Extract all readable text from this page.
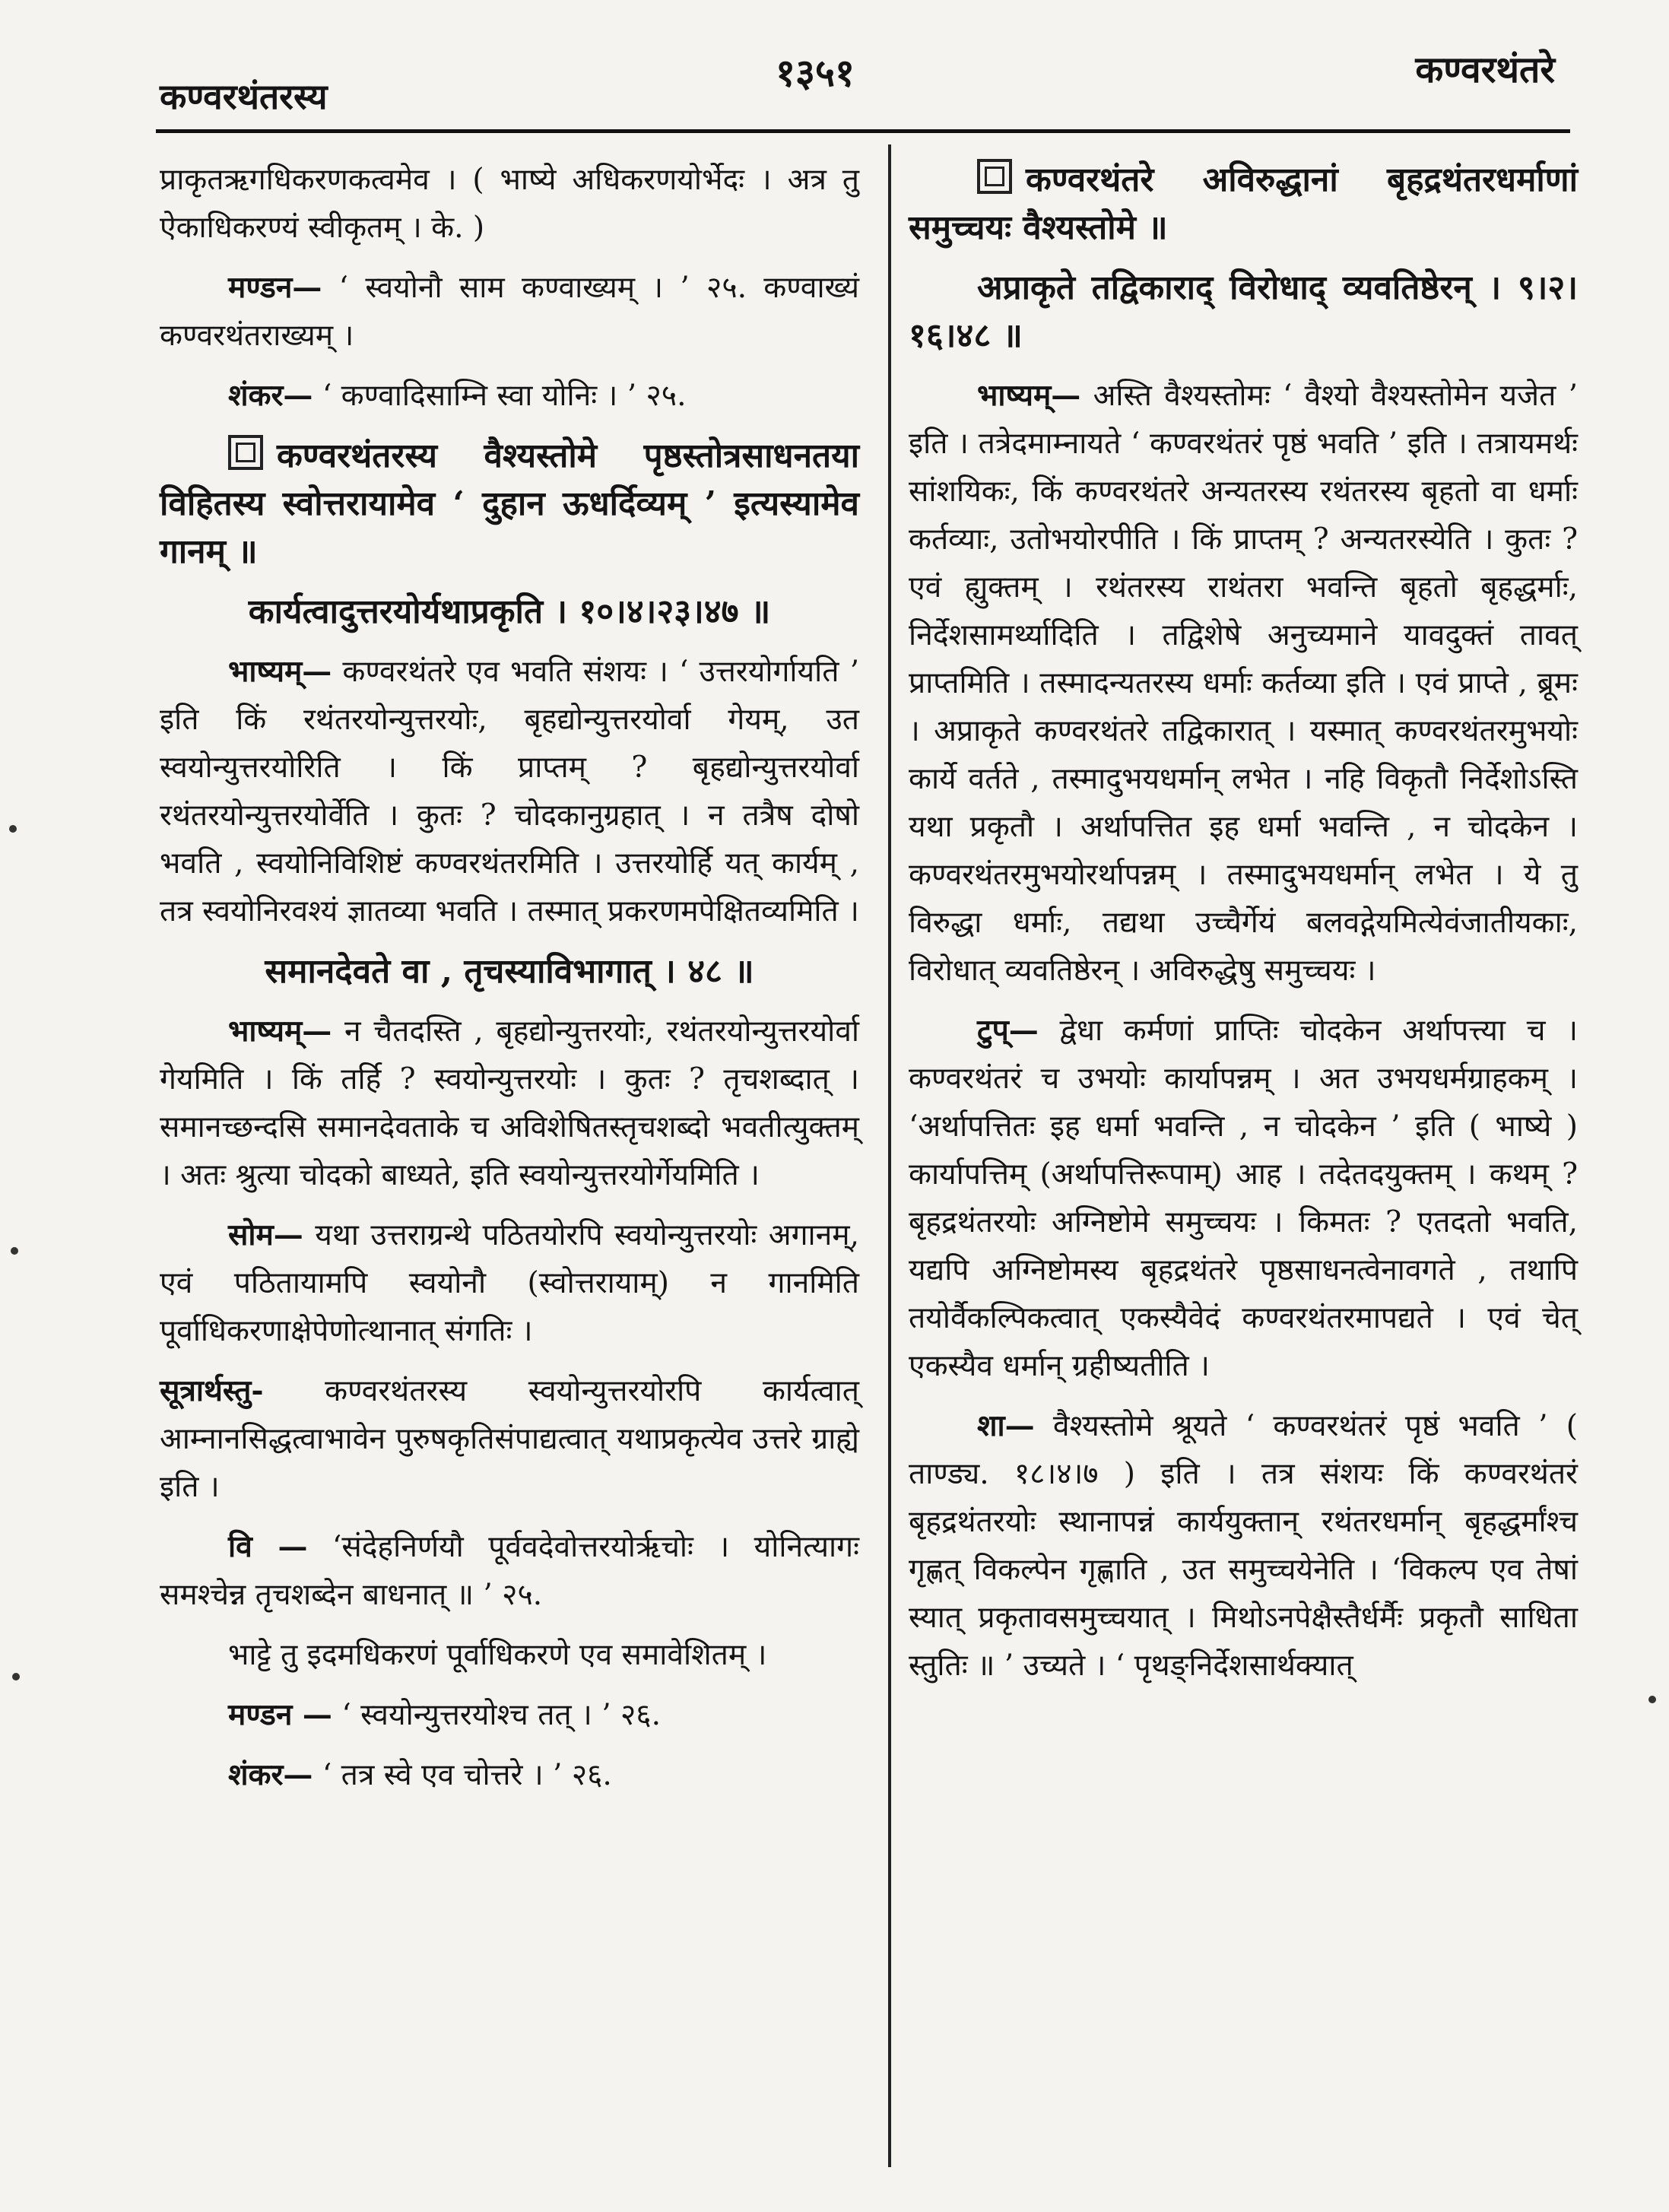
कण्वरथंतरस्य
१३५१	कण्वरथंतरे

प्राकृतऋगधिकरणकत्वमेव । ( भाष्ये अधिकरणयोर्भेदः । अत्र तु ऐकाधिकरण्यं स्वीकृतम् । के. )

मण्डन— ‘ स्वयोनौ साम कण्वाख्यम् । ’ २५. कण्वाख्यं कण्वरथंतराख्यम् ।

शंकर— ‘ कण्वादिसाम्नि स्वा योनिः । ’ २५.

कण्वरथंतरस्य वैश्यस्तोमे पृष्ठस्तोत्रसाधनतया विहितस्य स्वोत्तरायामेव ‘ दुहान ऊधर्दिव्यम् ’ इत्यस्यामेव गानम् ॥

कार्यत्वादुत्तरयोर्यथाप्रकृति । १०।४।२३।४७ ॥

भाष्यम्— कण्वरथंतरे एव भवति संशयः । ‘ उत्तरयोर्गायति ’ इति किं रथंतरयोन्युत्तरयोः, बृहद्योन्युत्तरयोर्वा गेयम्, उत स्वयोन्युत्तरयोरिति । किं प्राप्तम् ? बृहद्योन्युत्तरयोर्वा रथंतरयोन्युत्तरयोर्वेति । कुतः ? चोदकानुग्रहात् । न तत्रैष दोषो भवति , स्वयोनिविशिष्टं कण्वरथंतरमिति । उत्तरयोर्हि यत् कार्यम् , तत्र स्वयोनिरवश्यं ज्ञातव्या भवति । तस्मात् प्रकरणमपेक्षितव्यमिति ।

समानदेवते वा , तृचस्याविभागात् । ४८ ॥

भाष्यम्— न चैतदस्ति , बृहद्योन्युत्तरयोः, रथंतरयोन्युत्तरयोर्वा गेयमिति । किं तर्हि ? स्वयोन्युत्तरयोः । कुतः ? तृचशब्दात् । समानच्छन्दसि समानदेवताके च अविशेषितस्तृचशब्दो भवतीत्युक्तम् । अतः श्रुत्या चोदको बाध्यते, इति स्वयोन्युत्तरयोर्गेयमिति ।

सोम— यथा उत्तराग्रन्थे पठितयोरपि स्वयोन्युत्तरयोः अगानम्, एवं पठितायामपि स्वयोनौ (स्वोत्तरायाम्) न गानमिति पूर्वाधिकरणाक्षेपेणोत्थानात् संगतिः ।

सूत्रार्थस्तु- कण्वरथंतरस्य स्वयोन्युत्तरयोरपि कार्यत्वात् आम्नानसिद्धत्वाभावेन पुरुषकृतिसंपाद्यत्वात् यथाप्रकृत्येव उत्तरे ग्राह्ये इति ।

वि — ‘संदेहनिर्णयौ पूर्ववदेवोत्तरयोर्ऋचोः । योनित्यागः समश्चेन्न तृचशब्देन बाधनात् ॥ ’ २५.

भाट्टे तु इदमधिकरणं पूर्वाधिकरणे एव समावेशितम् ।

मण्डन — ‘ स्वयोन्युत्तरयोश्च तत् । ’ २६.

शंकर— ‘ तत्र स्वे एव चोत्तरे । ’ २६.

कण्वरथंतरे अविरुद्धानां बृहद्रथंतरधर्माणां समुच्चयः वैश्यस्तोमे ॥

अप्राकृते तद्विकाराद् विरोधाद् व्यवतिष्ठेरन् । ९।२।१६।४८ ॥

भाष्यम्— अस्ति वैश्यस्तोमः ‘ वैश्यो वैश्यस्तोमेन यजेत ’ इति । तत्रेदमाम्नायते ‘ कण्वरथंतरं पृष्ठं भवति ’ इति । तत्रायमर्थः सांशयिकः, किं कण्वरथंतरे अन्यतरस्य रथंतरस्य बृहतो वा धर्माः कर्तव्याः, उतोभयोरपीति । किं प्राप्तम् ? अन्यतरस्येति । कुतः ? एवं ह्युक्तम् । रथंतरस्य राथंतरा भवन्ति बृहतो बृहद्धर्माः, निर्देशसामर्थ्यादिति । तद्विशेषे अनुच्यमाने यावदुक्तं तावत् प्राप्तमिति । तस्मादन्यतरस्य धर्माः कर्तव्या इति । एवं प्राप्ते , ब्रूमः । अप्राकृते कण्वरथंतरे तद्विकारात् । यस्मात् कण्वरथंतरमुभयोः कार्ये वर्तते , तस्मादुभयधर्मान् लभेत । नहि विकृतौ निर्देशोऽस्ति यथा प्रकृतौ । अर्थापत्तित इह धर्मा भवन्ति , न चोदकेन । कण्वरथंतरमुभयोरर्थापन्नम् । तस्मादुभयधर्मान् लभेत । ये तु विरुद्धा धर्माः, तद्यथा उच्चैर्गेयं बलवद्गेयमित्येवंजातीयकाः, विरोधात् व्यवतिष्ठेरन् । अविरुद्धेषु समुच्चयः ।

टुप्— द्वेधा कर्मणां प्राप्तिः चोदकेन अर्थापत्त्या च । कण्वरथंतरं च उभयोः कार्यापन्नम् । अत उभयधर्मग्राहकम् । ‘अर्थापत्तितः इह धर्मा भवन्ति , न चोदकेन ’ इति ( भाष्ये ) कार्यापत्तिम् (अर्थापत्तिरूपाम्) आह । तदेतदयुक्तम् । कथम् ? बृहद्रथंतरयोः अग्निष्टोमे समुच्चयः । किमतः ? एतदतो भवति, यद्यपि अग्निष्टोमस्य बृहद्रथंतरे पृष्ठसाधनत्वेनावगते , तथापि तयोर्वैकल्पिकत्वात् एकस्यैवेदं कण्वरथंतरमापद्यते । एवं चेत् एकस्यैव धर्मान् ग्रहीष्यतीति ।

शा— वैश्यस्तोमे श्रूयते ‘ कण्वरथंतरं पृष्ठं भवति ’ ( ताण्ड्य. १८।४।७ ) इति । तत्र संशयः किं कण्वरथंतरं बृहद्रथंतरयोः स्थानापन्नं कार्ययुक्तान् रथंतरधर्मान् बृहद्धर्मांश्च गृह्णत् विकल्पेन गृह्णाति , उत समुच्चयेनेति । ‘विकल्प एव तेषां स्यात् प्रकृतावसमुच्चयात् । मिथोऽनपेक्षैस्तैर्धर्मैः प्रकृतौ साधिता स्तुतिः ॥ ’ उच्यते । ‘ पृथङ्निर्देशसार्थक्यात्
